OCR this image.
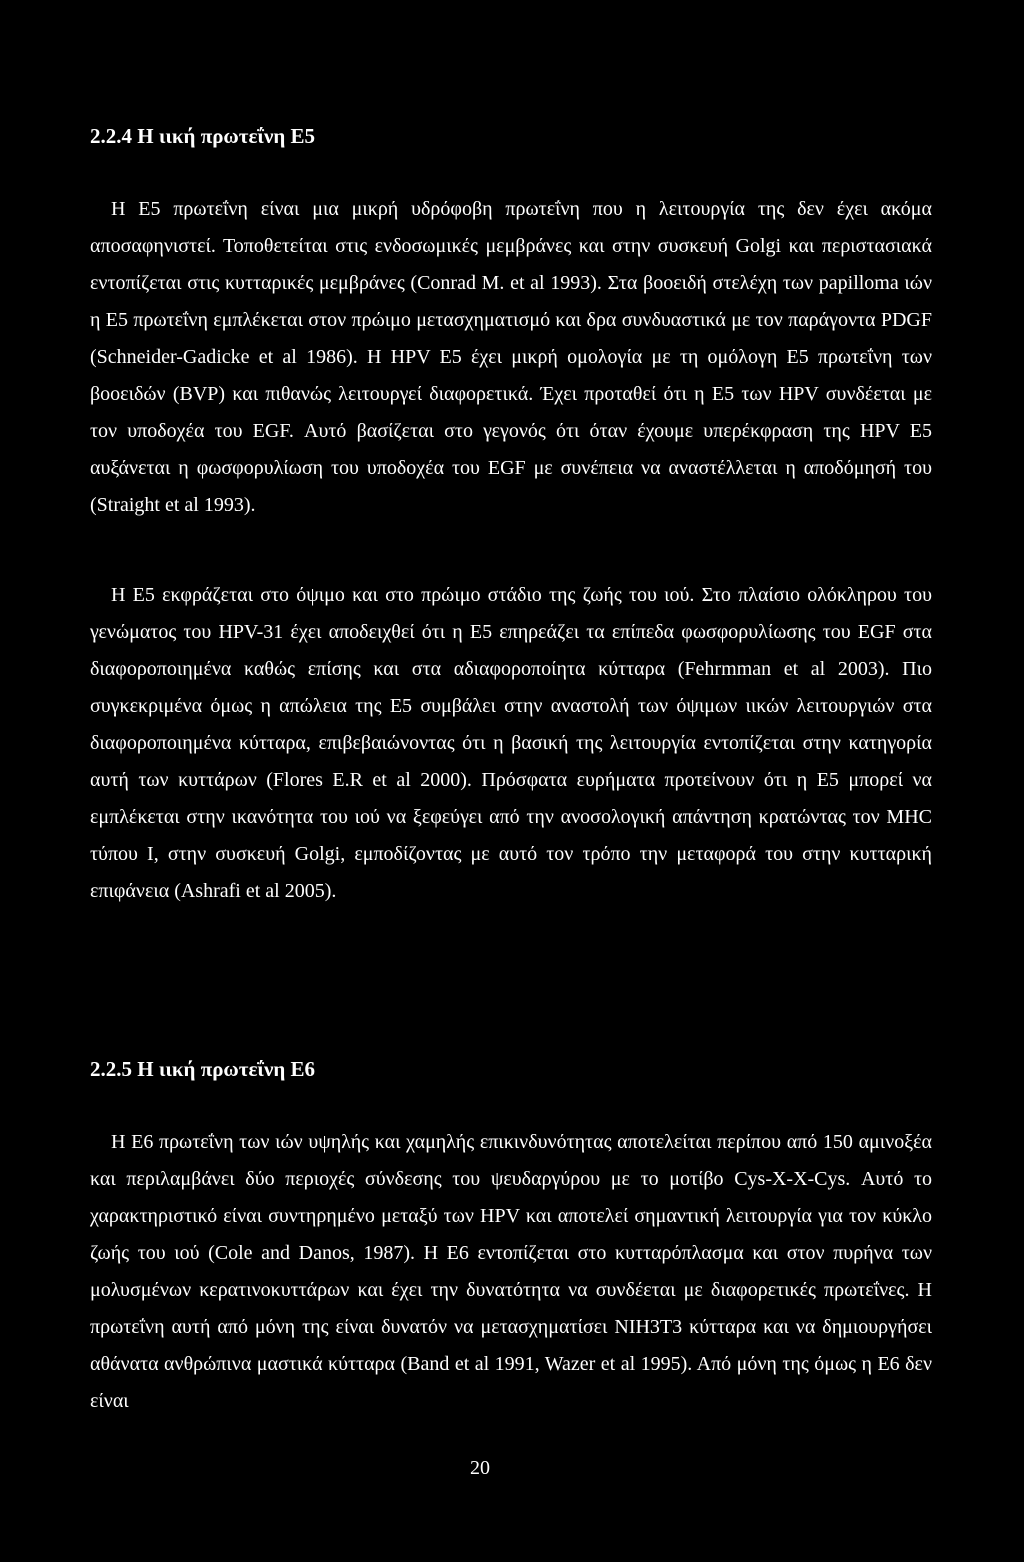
2.2.4 Η ιική πρωτεΐνη Ε5

Η Ε5 πρωτεΐνη είναι μια μικρή υδρόφοβη πρωτεΐνη που η λειτουργία της δεν έχει ακόμα αποσαφηνιστεί. Τοποθετείται στις ενδοσωμικές μεμβράνες και στην συσκευή Golgi και περιστασιακά εντοπίζεται στις κυτταρικές μεμβράνες (Conrad M. et al 1993). Στα βοοειδή στελέχη των papilloma ιών η Ε5 πρωτεΐνη εμπλέκεται στον πρώιμο μετασχηματισμό και δρα συνδυαστικά με τον παράγοντα PDGF (Schneider-Gadicke et al 1986). Η HPV Ε5 έχει μικρή ομολογία με τη ομόλογη Ε5 πρωτεΐνη των βοοειδών (BVP) και πιθανώς λειτουργεί διαφορετικά. Έχει προταθεί ότι η Ε5 των HPV συνδέεται με τον υποδοχέα του EGF. Αυτό βασίζεται στο γεγονός ότι όταν έχουμε υπερέκφραση της HPV Ε5 αυξάνεται η φωσφορυλίωση του υποδοχέα του EGF με συνέπεια να αναστέλλεται η αποδόμησή του (Straight et al 1993).

Η Ε5 εκφράζεται στο όψιμο και στο πρώιμο στάδιο της ζωής του ιού. Στο πλαίσιο ολόκληρου του γενώματος του HPV-31 έχει αποδειχθεί ότι η Ε5 επηρεάζει τα επίπεδα φωσφορυλίωσης του EGF στα διαφοροποιημένα καθώς επίσης και στα αδιαφοροποίητα κύτταρα (Fehrmman et al 2003). Πιο συγκεκριμένα όμως η απώλεια της Ε5 συμβάλει στην αναστολή των όψιμων ιικών λειτουργιών στα διαφοροποιημένα κύτταρα, επιβεβαιώνοντας ότι η βασική της λειτουργία εντοπίζεται στην κατηγορία αυτή των κυττάρων (Flores E.R et al 2000). Πρόσφατα ευρήματα προτείνουν ότι η Ε5 μπορεί να εμπλέκεται στην ικανότητα του ιού να ξεφεύγει από την ανοσολογική απάντηση κρατώντας τον MHC τύπου I, στην συσκευή Golgi, εμποδίζοντας με αυτό τον τρόπο την μεταφορά του στην κυτταρική επιφάνεια (Ashrafi et al 2005).

2.2.5 Η ιική πρωτεΐνη Ε6

Η Ε6 πρωτεΐνη των ιών υψηλής και χαμηλής επικινδυνότητας αποτελείται περίπου από 150 αμινοξέα και περιλαμβάνει δύο περιοχές σύνδεσης του ψευδαργύρου με το μοτίβο Cys-X-X-Cys. Αυτό το χαρακτηριστικό είναι συντηρημένο μεταξύ των HPV και αποτελεί σημαντική λειτουργία για τον κύκλο ζωής του ιού (Cole and Danos, 1987). Η Ε6 εντοπίζεται στο κυτταρόπλασμα και στον πυρήνα των μολυσμένων κερατινοκυττάρων και έχει την δυνατότητα να συνδέεται με διαφορετικές πρωτεΐνες. Η πρωτεΐνη αυτή από μόνη της είναι δυνατόν να μετασχηματίσει NIH3T3 κύτταρα και να δημιουργήσει αθάνατα ανθρώπινα μαστικά κύτταρα (Band et al 1991, Wazer et al 1995). Από μόνη της όμως η Ε6 δεν είναι

20
